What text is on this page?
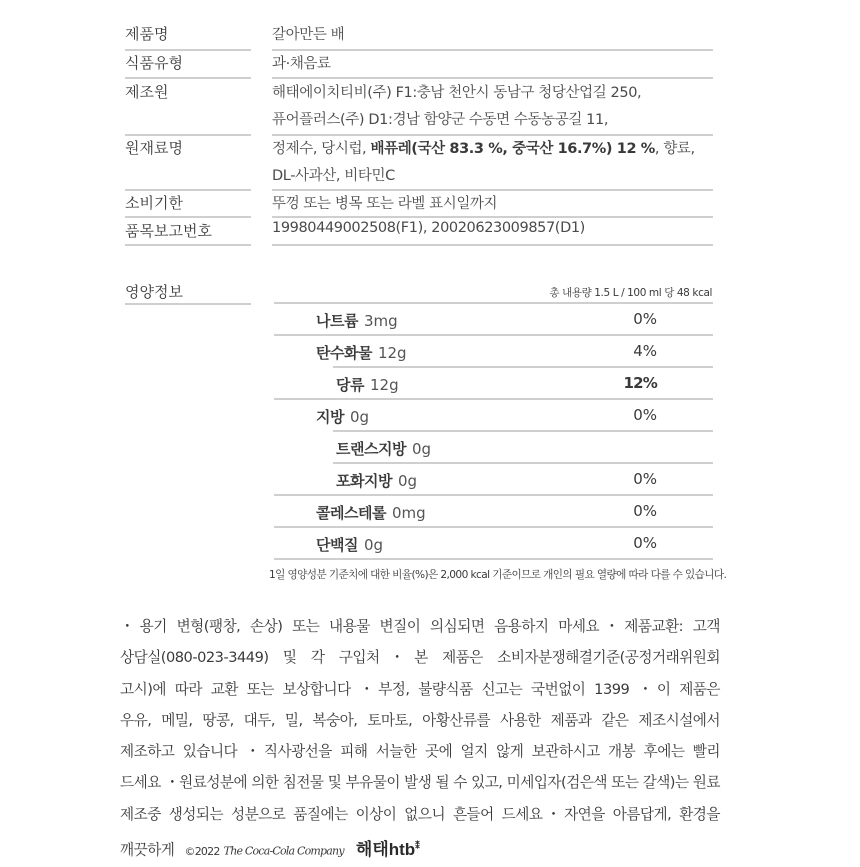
제품명	갈아만든 배
식품유형	과·채음료
제조원	해태에이치티비(주) F1:충남 천안시 동남구 청당산업길 250,
퓨어플러스(주) D1:경남 함양군 수동면 수동농공길 11,
원재료명	정제수, 당시럽, 배퓨레(국산 83.3 %, 중국산 16.7%) 12 %, 향료,
DL-사과산, 비타민C
소비기한	뚜껑 또는 병목 또는 라벨 표시일까지
품목보고번호	19980449002508(F1), 20020623009857(D1)
영양정보	총 내용량 1.5 L / 100 ml 당 48 kcal
나트륨 3mg	0%
탄수화물 12g	4%
당류 12g	12%
지방 0g	0%
트랜스지방 0g
포화지방 0g	0%
콜레스테롤 0mg	0%
단백질 0g	0%
1일 영양성분 기준치에 대한 비율(%)은 2,000 kcal 기준이므로 개인의 필요 열량에 따라 다를 수 있습니다.
・용기 변형(팽창, 손상) 또는 내용물 변질이 의심되면 음용하지 마세요・제품교환: 고객
상담실(080-023-3449) 및 각 구입처・본 제품은 소비자분쟁해결기준(공정거래위원회
고시)에 따라 교환 또는 보상합니다 ・부정, 불량식품 신고는 국번없이 1399 ・이 제품은
우유, 메밀, 땅콩, 대두, 밀, 복숭아, 토마토, 아황산류를 사용한 제품과 같은 제조시설에서
제조하고 있습니다 ・직사광선을 피해 서늘한 곳에 얼지 않게 보관하시고 개봉 후에는 빨리
드세요 ・원료성분에 의한 침전물 및 부유물이 발생 될 수 있고, 미세입자(검은색 또는 갈색)는 원료
제조중 생성되는 성분으로 품질에는 이상이 없으니 흔들어 드세요・자연을 아름답게, 환경을
깨끗하게 ©2022 The Coca-Cola Company 해태htb⁑
